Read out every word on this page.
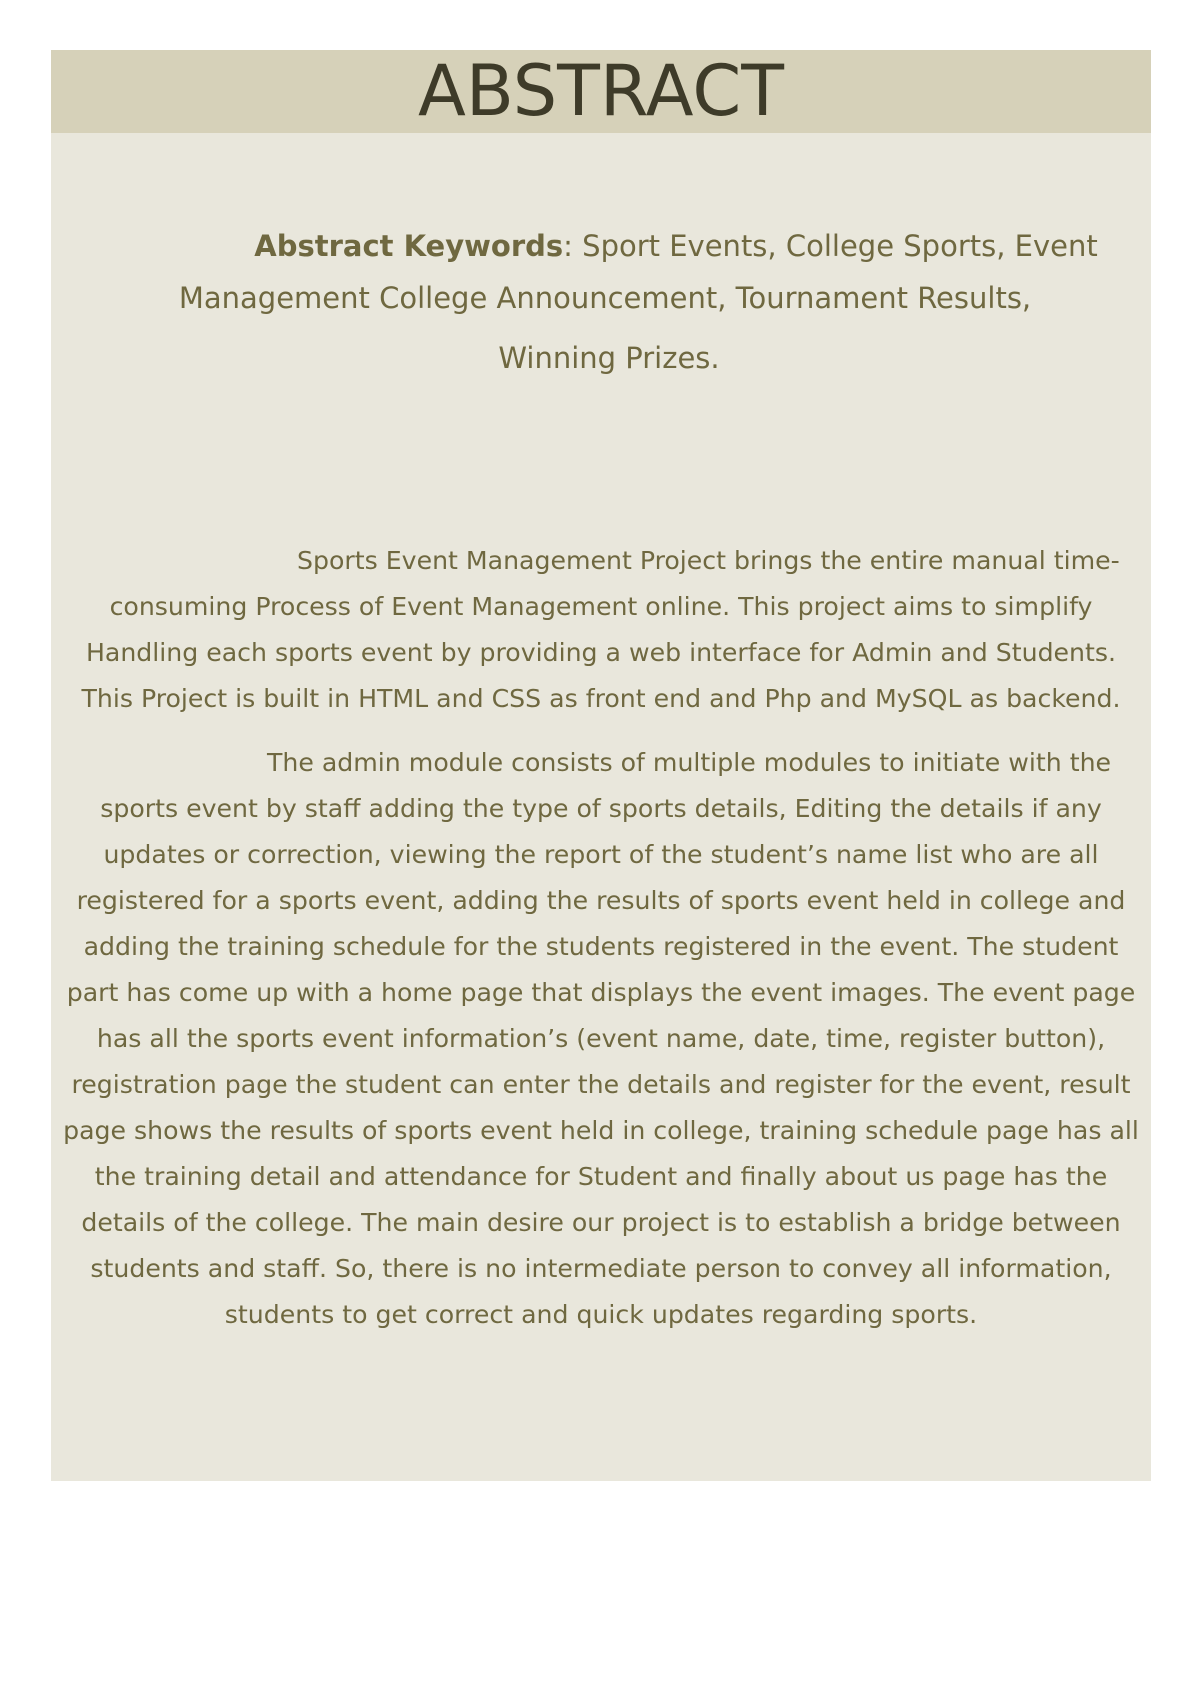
ABSTRACT
Abstract Keywords: Sport Events, College Sports, Event
Management College Announcement, Tournament Results,
Winning Prizes.
Sports Event Management Project brings the entire manual time-
consuming Process of Event Management online. This project aims to simplify
Handling each sports event by providing a web interface for Admin and Students.
This Project is built in HTML and CSS as front end and Php and MySQL as backend.
The admin module consists of multiple modules to initiate with the
sports event by staff adding the type of sports details, Editing the details if any
updates or correction, viewing the report of the student’s name list who are all
registered for a sports event, adding the results of sports event held in college and
adding the training schedule for the students registered in the event. The student
part has come up with a home page that displays the event images. The event page
has all the sports event information’s (event name, date, time, register button),
registration page the student can enter the details and register for the event, result
page shows the results of sports event held in college, training schedule page has all
the training detail and attendance for Student and finally about us page has the
details of the college. The main desire our project is to establish a bridge between
students and staff. So, there is no intermediate person to convey all information,
students to get correct and quick updates regarding sports.
